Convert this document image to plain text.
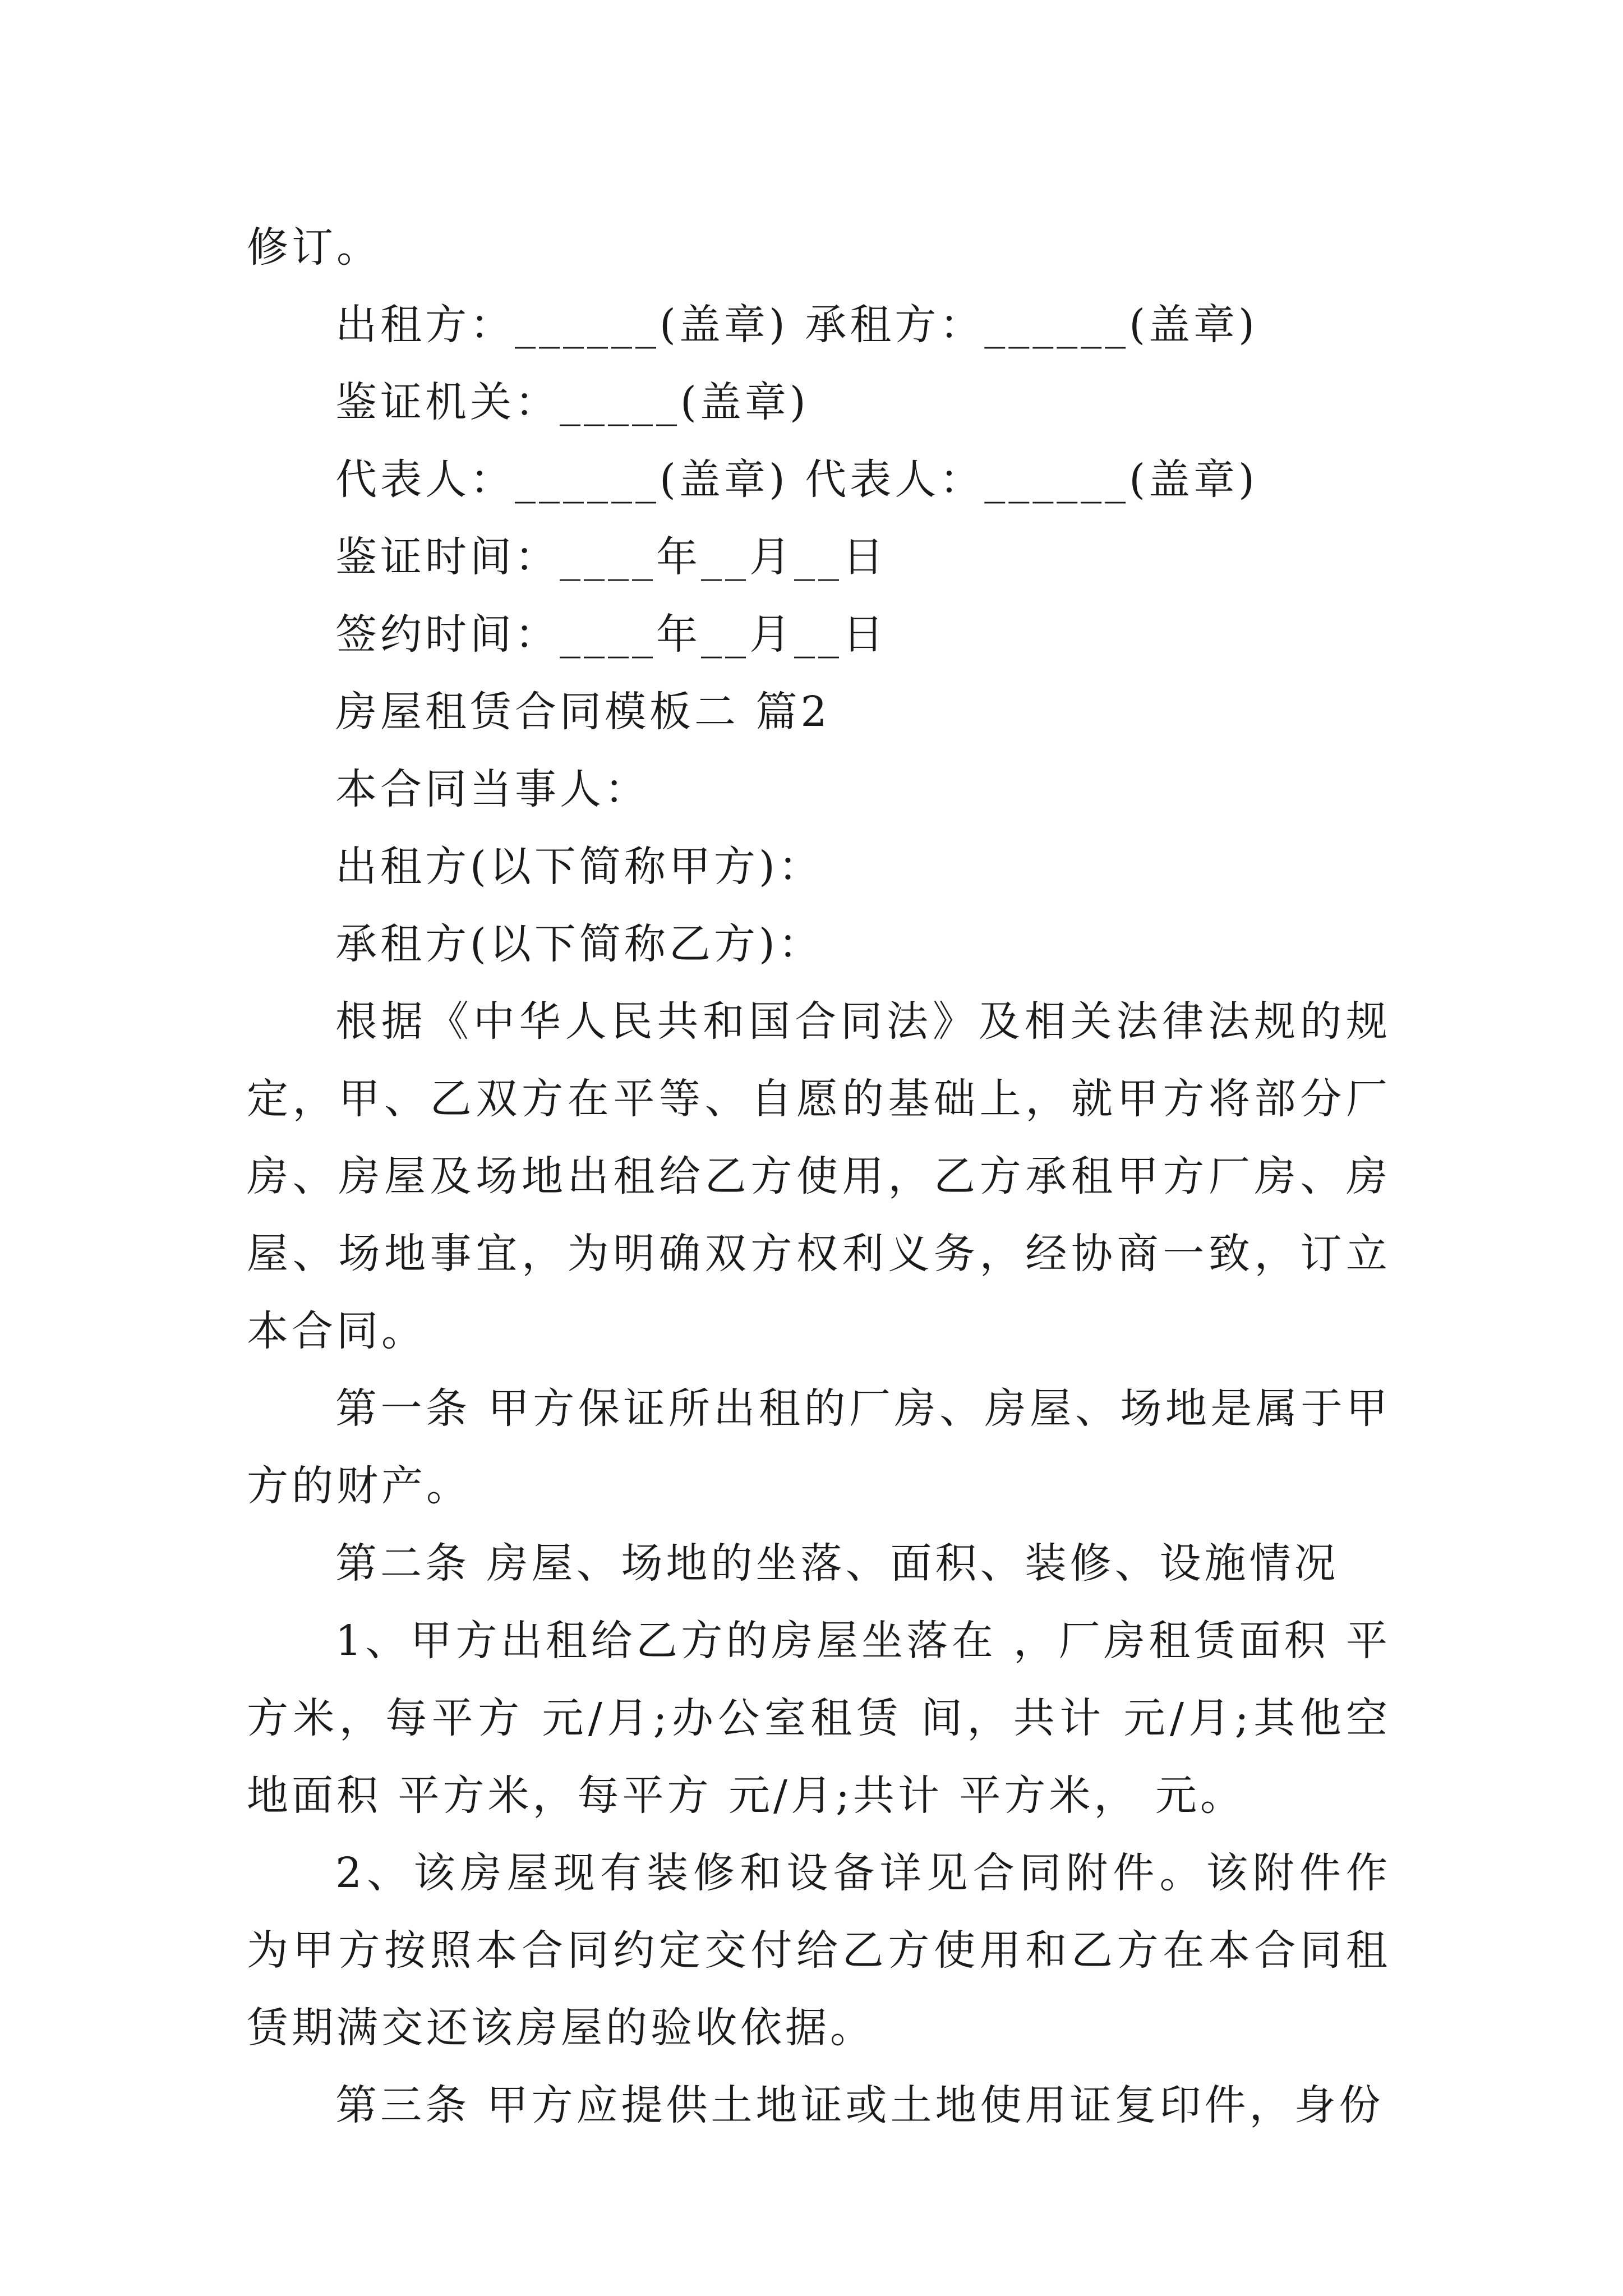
修订。
出租方：______(盖章) 承租方：______(盖章)
鉴证机关：_____(盖章)
代表人：______(盖章) 代表人：______(盖章)
鉴证时间：____年__月__日
签约时间：____年__月__日
房屋租赁合同模板二 篇2
本合同当事人：
出租方(以下简称甲方)：
承租方(以下简称乙方)：
根据《中华人民共和国合同法》及相关法律法规的规定，甲、乙双方在平等、自愿的基础上，就甲方将部分厂房、房屋及场地出租给乙方使用，乙方承租甲方厂房、房屋、场地事宜，为明确双方权利义务，经协商一致，订立本合同。
第一条 甲方保证所出租的厂房、房屋、场地是属于甲方的财产。
第二条 房屋、场地的坐落、面积、装修、设施情况
1、甲方出租给乙方的房屋坐落在 ，厂房租赁面积 平方米，每平方 元/月;办公室租赁 间，共计 元/月;其他空地面积 平方米，每平方 元/月;共计 平方米， 元。
2、该房屋现有装修和设备详见合同附件。该附件作为甲方按照本合同约定交付给乙方使用和乙方在本合同租赁期满交还该房屋的验收依据。
第三条 甲方应提供土地证或土地使用证复印件，身份
